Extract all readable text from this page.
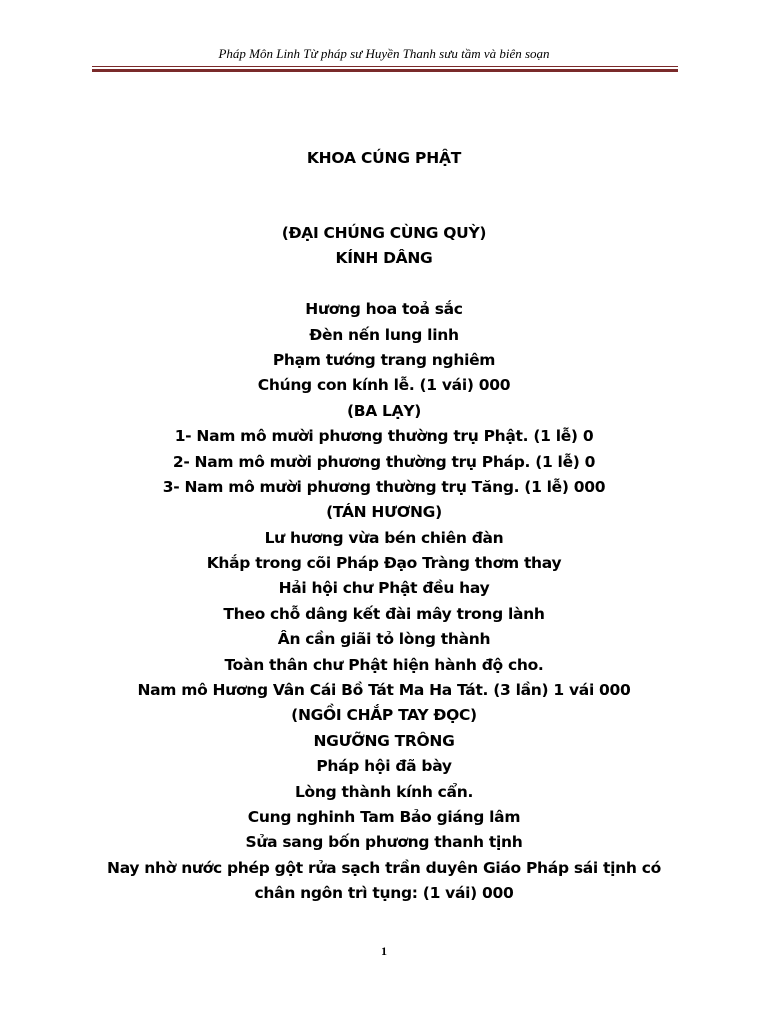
Pháp Môn Linh Từ pháp sư Huyền Thanh sưu tầm và biên soạn
KHOA CÚNG PHẬT
(ĐẠI CHÚNG CÙNG QUỲ)
KÍNH DÂNG
Hương hoa toả sắc
Đèn nến lung linh
Phạm tướng trang nghiêm
Chúng con kính lễ. (1 vái) 000
(BA LẠY)
1- Nam mô mười phương thường trụ Phật. (1 lễ) 0
2- Nam mô mười phương thường trụ Pháp. (1 lễ) 0
3- Nam mô mười phương thường trụ Tăng. (1 lễ) 000
(TÁN HƯƠNG)
Lư hương vừa bén chiên đàn
Khắp trong cõi Pháp Đạo Tràng thơm thay
Hải hội chư Phật đều hay
Theo chỗ dâng kết đài mây trong lành
Ân cần giãi tỏ lòng thành
Toàn thân chư Phật hiện hành độ cho.
Nam mô Hương Vân Cái Bồ Tát Ma Ha Tát. (3 lần) 1 vái 000
(NGỒI CHẮP TAY ĐỌC)
NGƯỠNG TRÔNG
Pháp hội đã bày
Lòng thành kính cẩn.
Cung nghinh Tam Bảo giáng lâm
Sửa sang bốn phương thanh tịnh
Nay nhờ nước phép gột rửa sạch trần duyên Giáo Pháp sái tịnh có
chân ngôn trì tụng: (1 vái) 000
1
